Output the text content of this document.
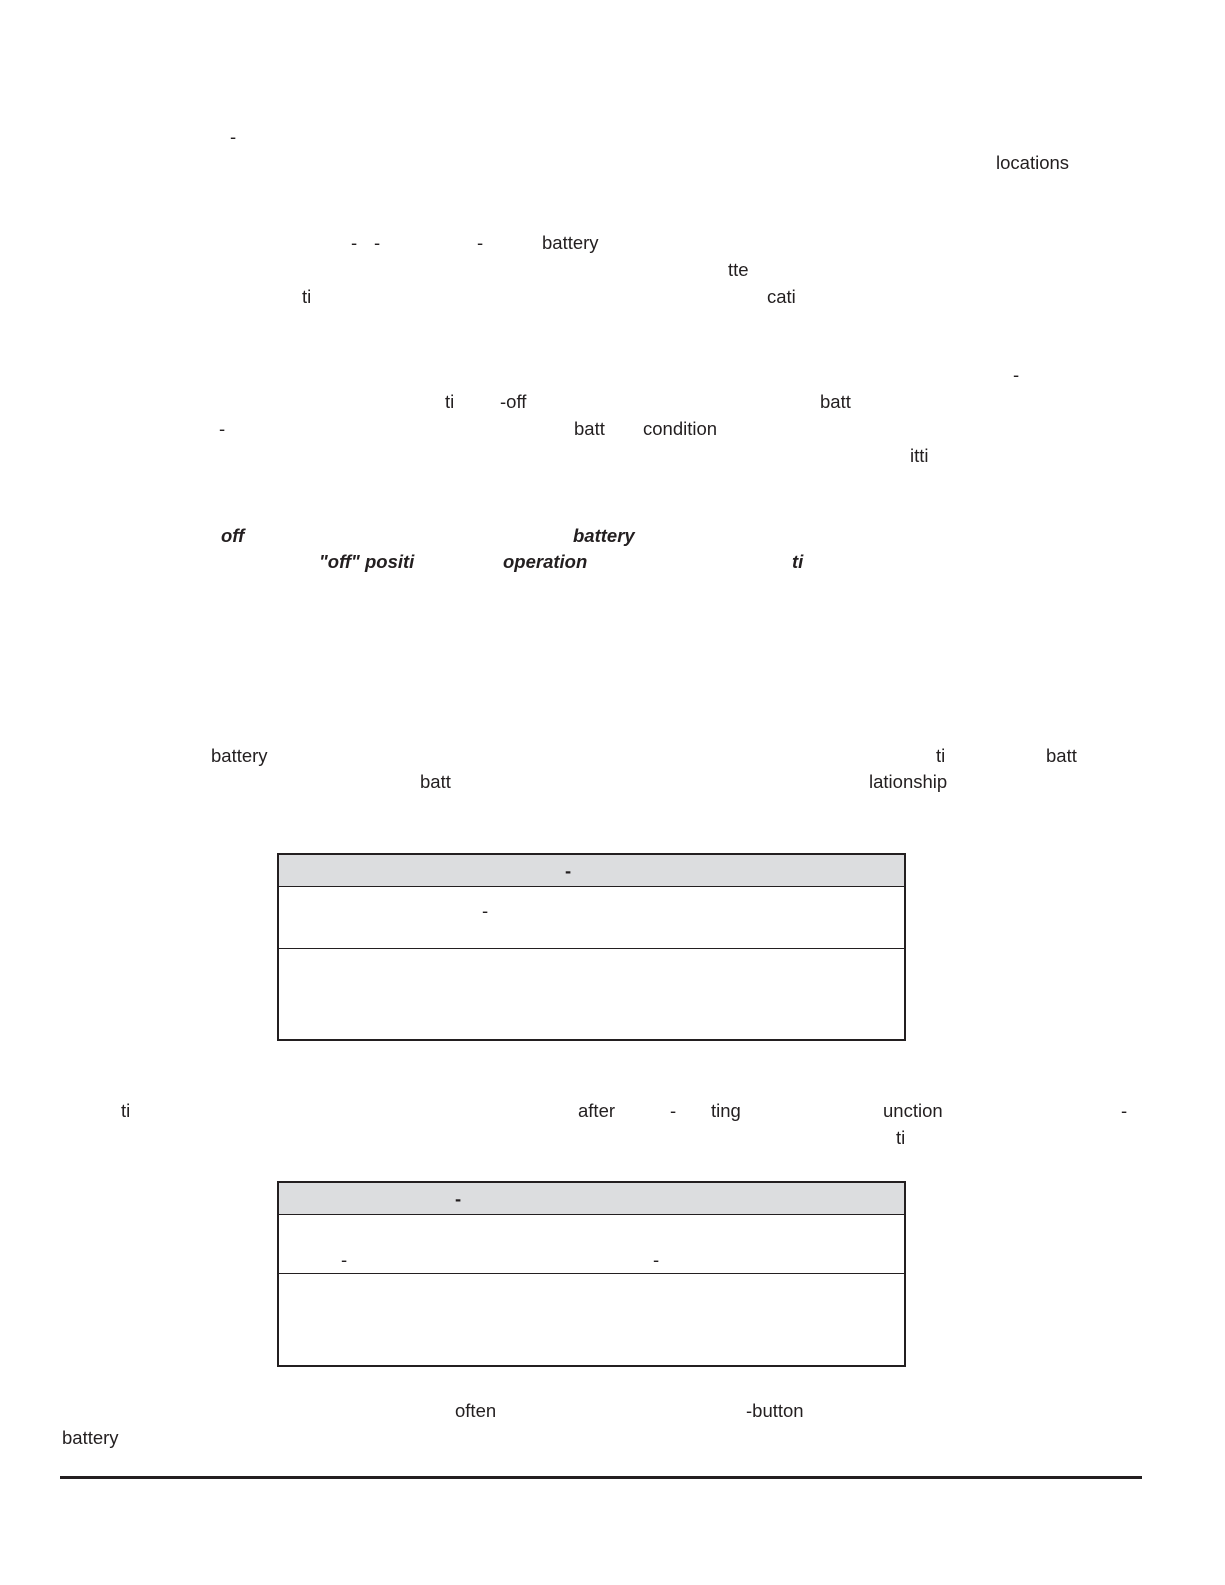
-
locations
- -	-	battery
tte
ti	cati
-
ti -off	batt
-	batt condition
itti
off	battery
"off" positi	operation	ti
battery	ti	batt
batt	lationship
-
-
ti	after	- ting	unction	-
ti
-
-	-
often	-button
battery
